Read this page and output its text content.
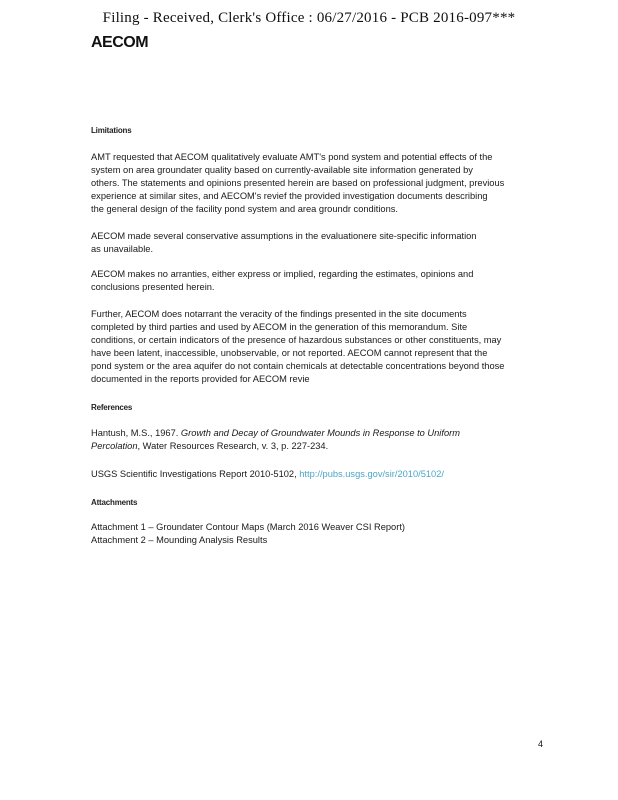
Filing - Received, Clerk's Office : 06/27/2016 - PCB 2016-097***
AECOM
Limitations

AMT requested that AECOM qualitatively evaluate AMT's pond system and potential effects of the
system on area groundater quality based on currently-available site information generated by
others. The statements and opinions presented herein are based on professional judgment, previous
experience at similar sites, and AECOM's revief the provided investigation documents describing
the general design of the facility pond system and area groundr conditions.

AECOM made several conservative assumptions in the evaluationere site-specific information
as unavailable.

AECOM makes no arranties, either express or implied, regarding the estimates, opinions and
conclusions presented herein.

Further, AECOM does notarrant the veracity of the findings presented in the site documents
completed by third parties and used by AECOM in the generation of this memorandum. Site
conditions, or certain indicators of the presence of hazardous substances or other constituents, may
have been latent, inaccessible, unobservable, or not reported. AECOM cannot represent that the
pond system or the area aquifer do not contain chemicals at detectable concentrations beyond those
documented in the reports provided for AECOM revie

References

Hantush, M.S., 1967. Growth and Decay of Groundwater Mounds in Response to Uniform
Percolation, Water Resources Research, v. 3, p. 227-234.

USGS Scientific Investigations Report 2010-5102, http://pubs.usgs.gov/sir/2010/5102/

Attachments

Attachment 1 – Groundater Contour Maps (March 2016 Weaver CSI Report)
Attachment 2 – Mounding Analysis Results

4
